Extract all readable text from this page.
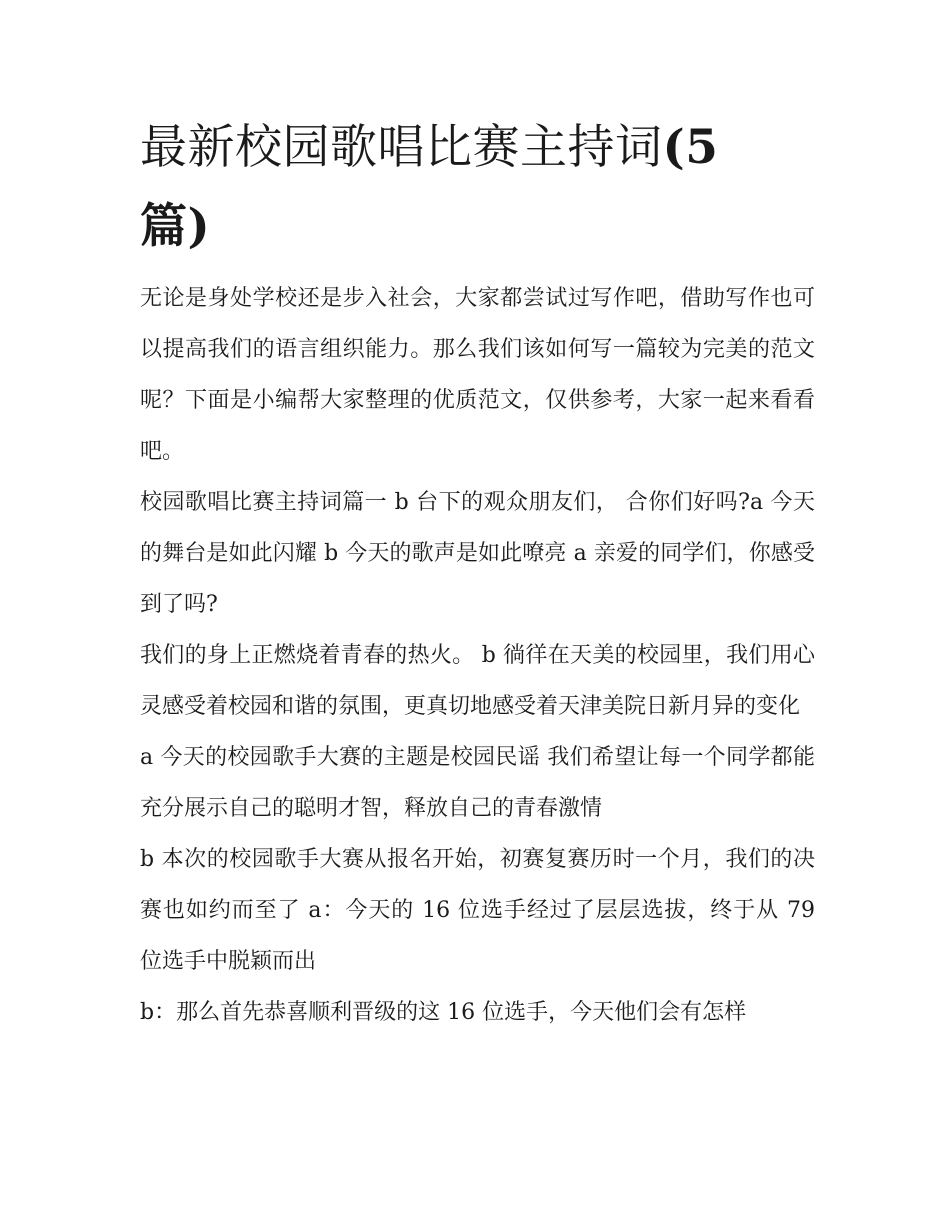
最新校园歌唱比赛主持词(5篇)

无论是身处学校还是步入社会，大家都尝试过写作吧，借助写作也可以提高我们的语言组织能力。那么我们该如何写一篇较为完美的范文呢？下面是小编帮大家整理的优质范文，仅供参考，大家一起来看看吧。

校园歌唱比赛主持词篇一 b 台下的观众朋友们， 合你们好吗?a 今天的舞台是如此闪耀 b 今天的歌声是如此嘹亮 a 亲爱的同学们，你感受到了吗?

我们的身上正燃烧着青春的热火。 b 徜徉在天美的校园里，我们用心灵感受着校园和谐的氛围，更真切地感受着天津美院日新月异的变化

a 今天的校园歌手大赛的主题是校园民谣 我们希望让每一个同学都能充分展示自己的聪明才智，释放自己的青春激情

b 本次的校园歌手大赛从报名开始，初赛复赛历时一个月，我们的决赛也如约而至了 a：今天的 16 位选手经过了层层选拔，终于从 79 位选手中脱颖而出

b：那么首先恭喜顺利晋级的这 16 位选手，今天他们会有怎样
